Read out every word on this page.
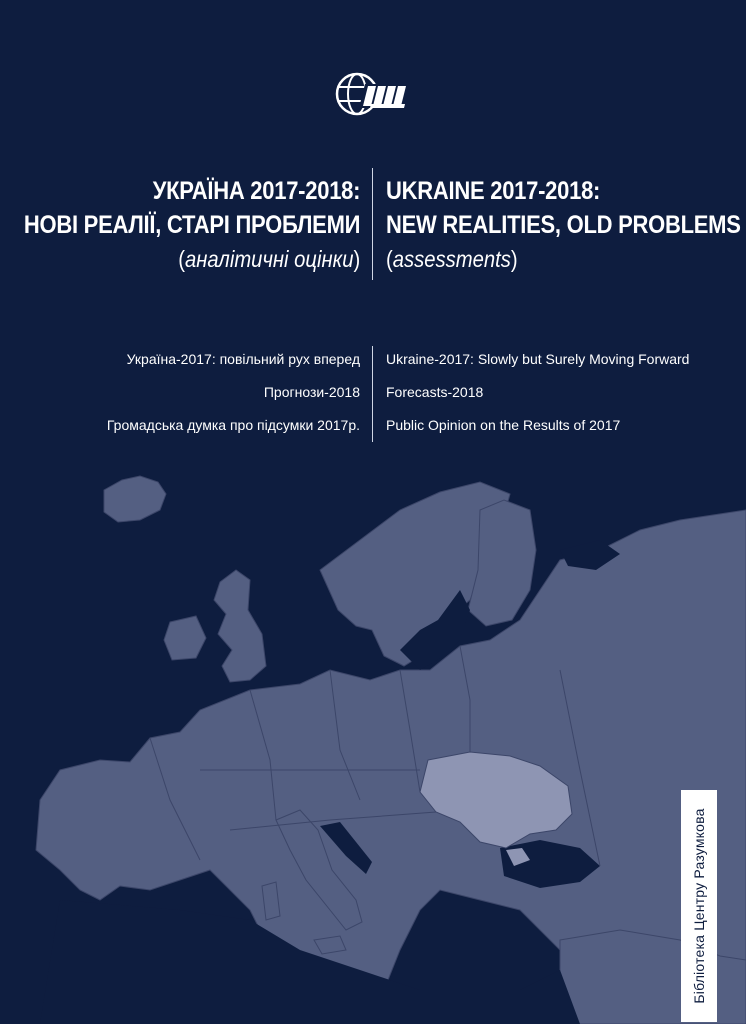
УКРАЇНА 2017-2018:
НОВІ РЕАЛІЇ, СТАРІ ПРОБЛЕМИ
(аналітичні оцінки)
UKRAINE 2017-2018:
NEW REALITIES, OLD PROBLEMS
(assessments)
Україна-2017: повільний рух вперед
Прогнози-2018
Громадська думка про підсумки 2017р.
Ukraine-2017: Slowly but Surely Moving Forward
Forecasts-2018
Public Opinion on the Results of 2017
Бібліотека Центру Разумкова
